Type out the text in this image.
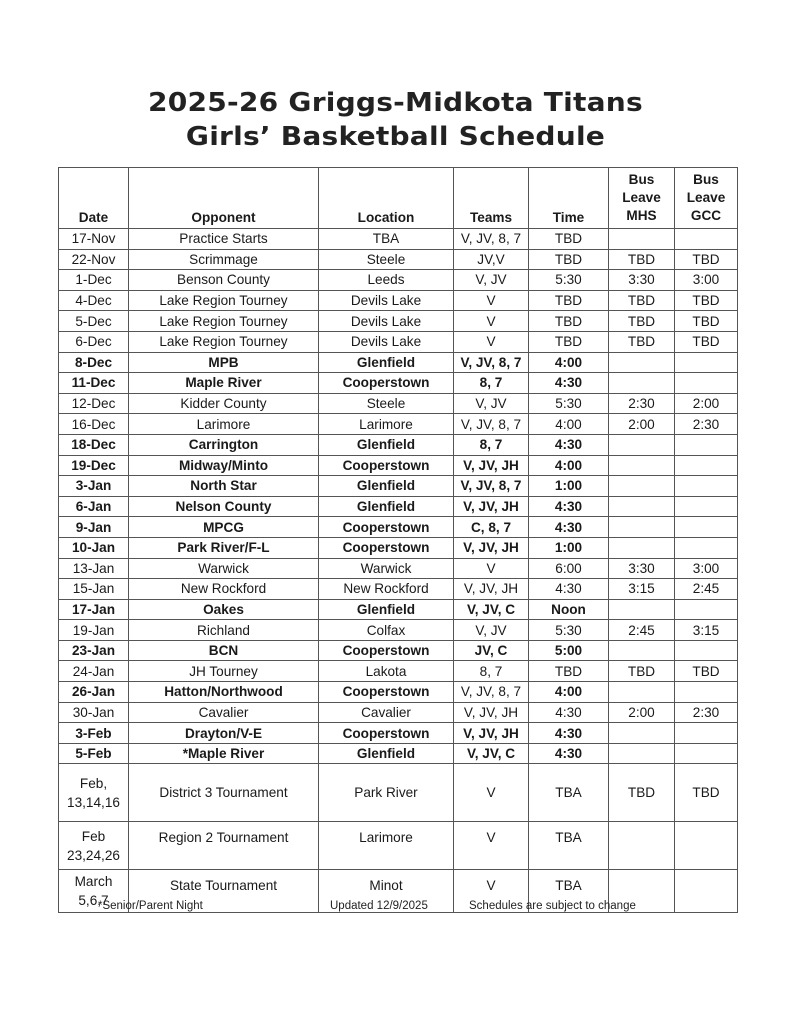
2025-26 Griggs-Midkota Titans
Girls’ Basketball Schedule
Date	Opponent	Location	Teams	Time	Bus
Leave
MHS	Bus
Leave
GCC
17-Nov	Practice Starts	TBA	V, JV, 8, 7	TBD		
22-Nov	Scrimmage	Steele	JV,V	TBD	TBD	TBD
1-Dec	Benson County	Leeds	V, JV	5:30	3:30	3:00
4-Dec	Lake Region Tourney	Devils Lake	V	TBD	TBD	TBD
5-Dec	Lake Region Tourney	Devils Lake	V	TBD	TBD	TBD
6-Dec	Lake Region Tourney	Devils Lake	V	TBD	TBD	TBD
8-Dec	MPB	Glenfield	V, JV, 8, 7	4:00		
11-Dec	Maple River	Cooperstown	8, 7	4:30		
12-Dec	Kidder County	Steele	V, JV	5:30	2:30	2:00
16-Dec	Larimore	Larimore	V, JV, 8, 7	4:00	2:00	2:30
18-Dec	Carrington	Glenfield	8, 7	4:30		
19-Dec	Midway/Minto	Cooperstown	V, JV, JH	4:00		
3-Jan	North Star	Glenfield	V, JV, 8, 7	1:00		
6-Jan	Nelson County	Glenfield	V, JV, JH	4:30		
9-Jan	MPCG	Cooperstown	C, 8, 7	4:30		
10-Jan	Park River/F-L	Cooperstown	V, JV, JH	1:00		
13-Jan	Warwick	Warwick	V	6:00	3:30	3:00
15-Jan	New Rockford	New Rockford	V, JV, JH	4:30	3:15	2:45
17-Jan	Oakes	Glenfield	V, JV, C	Noon		
19-Jan	Richland	Colfax	V, JV	5:30	2:45	3:15
23-Jan	BCN	Cooperstown	JV, C	5:00		
24-Jan	JH Tourney	Lakota	8, 7	TBD	TBD	TBD
26-Jan	Hatton/Northwood	Cooperstown	V, JV, 8, 7	4:00		
30-Jan	Cavalier	Cavalier	V, JV, JH	4:30	2:00	2:30
3-Feb	Drayton/V-E	Cooperstown	V, JV, JH	4:30		
5-Feb	*Maple River	Glenfield	V, JV, C	4:30		
Feb,
13,14,16	District 3 Tournament	Park River	V	TBA	TBD	TBD
Feb
23,24,26	Region 2 Tournament	Larimore	V	TBA		
March
5,6,7	State Tournament	Minot	V	TBA		
*Senior/Parent Night	Updated 12/9/2025	Schedules are subject to change
